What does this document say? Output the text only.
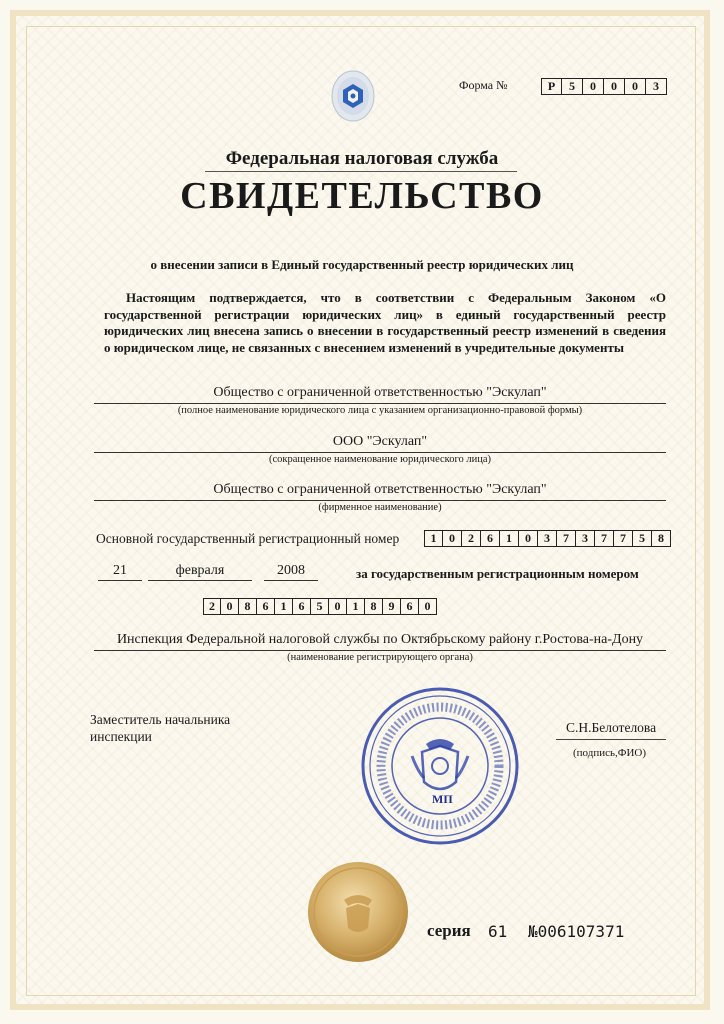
Форма №	Р	5	0	0	0	3
Федеральная налоговая служба
СВИДЕТЕЛЬСТВО
о внесении записи в Единый государственный реестр юридических лиц
Настоящим подтверждается, что в соответствии с Федеральным Законом «О государственной регистрации юридических лиц» в единый государственный реестр юридических лиц внесена запись о внесении в государственный реестр изменений в сведения о юридическом лице, не связанных с внесением изменений в учредительные документы
Общество с ограниченной ответственностью "Эскулап"
(полное наименование юридического лица с указанием организационно-правовой формы)
ООО "Эскулап"
(сокращенное наименование юридического лица)
Общество с ограниченной ответственностью "Эскулап"
(фирменное наименование)
Основной государственный регистрационный номер	1	0	2	6	1	0	3	7	3	7	7	5	8
21	февраля	2008	за государственным регистрационным номером
2 0	8	6	1	6	5	0	1	8	9	6	0
Инспекция Федеральной налоговой службы по Октябрьскому району г.Ростова-на-Дону
(наименование регистрирующего органа)
Заместитель начальника
инспекции
С.Н.Белотелова
(подпись,ФИО)
МП
серия 61 №006107371
